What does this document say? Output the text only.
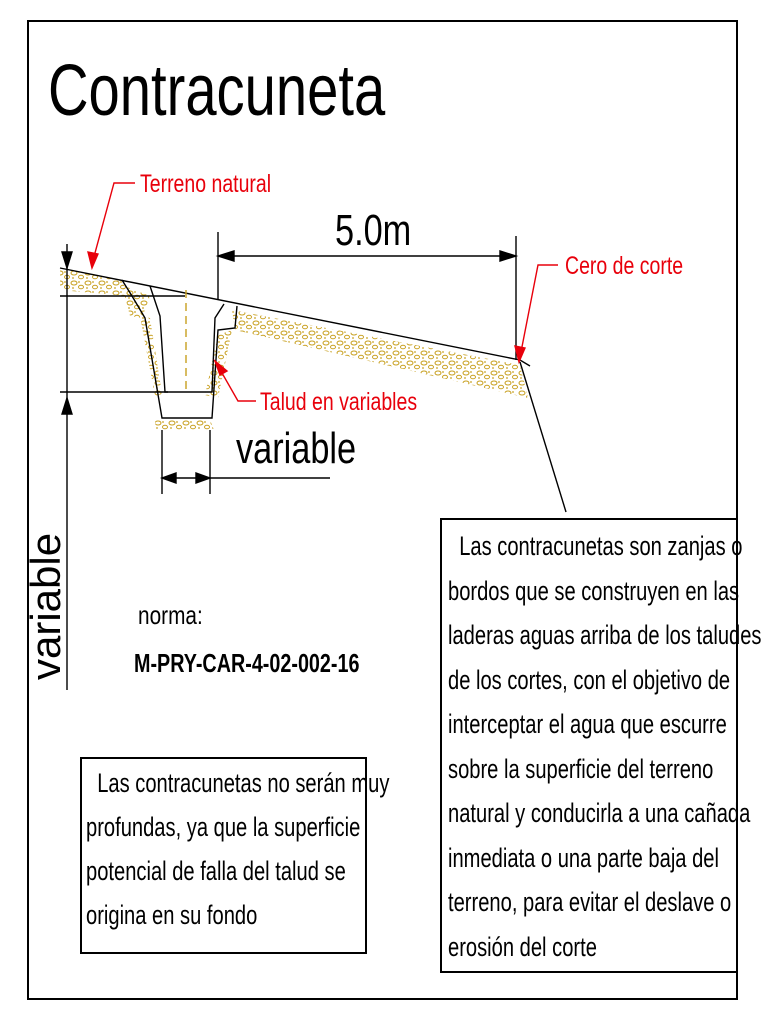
Terreno natural
Cero de corte
Talud en variables
5.0m
variable
variable
Contracuneta
norma:
M-PRY-CAR-4-02-002-16
Las contracunetas no serán muy
profundas, ya que la superficie
potencial de falla del talud se
origina en su fondo
Las contracunetas son zanjas o
bordos que se construyen en las
laderas aguas arriba de los taludes
de los cortes, con el objetivo de
interceptar el agua que escurre
sobre la superficie del terreno
natural y conducirla a una cañada
inmediata o una parte baja del
terreno, para evitar el deslave o
erosión del corte
